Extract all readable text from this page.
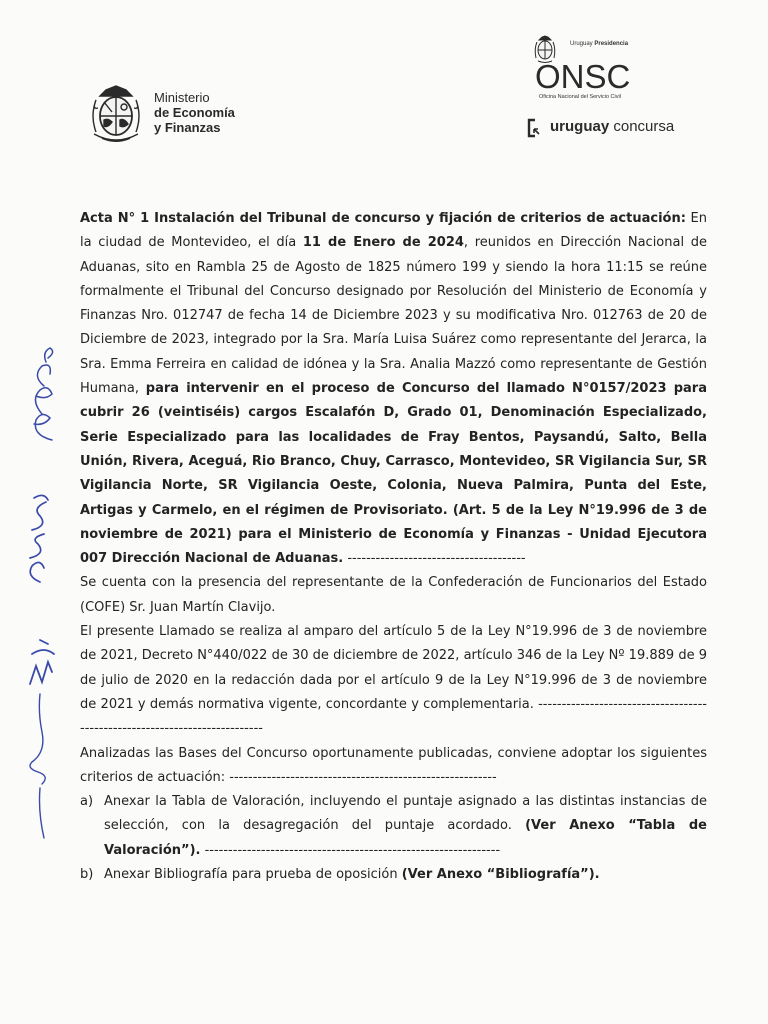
Ministerio
de Economía
y Finanzas
Uruguay Presidencia
ONSC
Oficina Nacional del Servicio Civil
uruguay concursa

Acta N° 1 Instalación del Tribunal de concurso y fijación de criterios de actuación: En la ciudad de Montevideo, el día 11 de Enero de 2024, reunidos en Dirección Nacional de Aduanas, sito en Rambla 25 de Agosto de 1825 número 199 y siendo la hora 11:15 se reúne formalmente el Tribunal del Concurso designado por Resolución del Ministerio de Economía y Finanzas Nro. 012747 de fecha 14 de Diciembre 2023 y su modificativa Nro. 012763 de 20 de Diciembre de 2023, integrado por la Sra. María Luisa Suárez como representante del Jerarca, la Sra. Emma Ferreira en calidad de idónea y la Sra. Analia Mazzó como representante de Gestión Humana, para intervenir en el proceso de Concurso del llamado N°0157/2023 para cubrir 26 (veintiséis) cargos Escalafón D, Grado 01, Denominación Especializado, Serie Especializado para las localidades de Fray Bentos, Paysandú, Salto, Bella Unión, Rivera, Aceguá, Rio Branco, Chuy, Carrasco, Montevideo, SR Vigilancia Sur, SR Vigilancia Norte, SR Vigilancia Oeste, Colonia, Nueva Palmira, Punta del Este, Artigas y Carmelo, en el régimen de Provisoriato. (Art. 5 de la Ley N°19.996 de 3 de noviembre de 2021) para el Ministerio de Economía y Finanzas - Unidad Ejecutora 007 Dirección Nacional de Aduanas. --------------------------------------

Se cuenta con la presencia del representante de la Confederación de Funcionarios del Estado (COFE) Sr. Juan Martín Clavijo.

El presente Llamado se realiza al amparo del artículo 5 de la Ley N°19.996 de 3 de noviembre de 2021, Decreto N°440/022 de 30 de diciembre de 2022, artículo 346 de la Ley Nº 19.889 de 9 de julio de 2020 en la redacción dada por el artículo 9 de la Ley N°19.996 de 3 de noviembre de 2021 y demás normativa vigente, concordante y complementaria. ---------------------------------------------------------------------------

Analizadas las Bases del Concurso oportunamente publicadas, conviene adoptar los siguientes criterios de actuación: ---------------------------------------------------------

a) Anexar la Tabla de Valoración, incluyendo el puntaje asignado a las distintas instancias de selección, con la desagregación del puntaje acordado. (Ver Anexo “Tabla de Valoración”). ---------------------------------------------------------------

b) Anexar Bibliografía para prueba de oposición (Ver Anexo “Bibliografía”).
